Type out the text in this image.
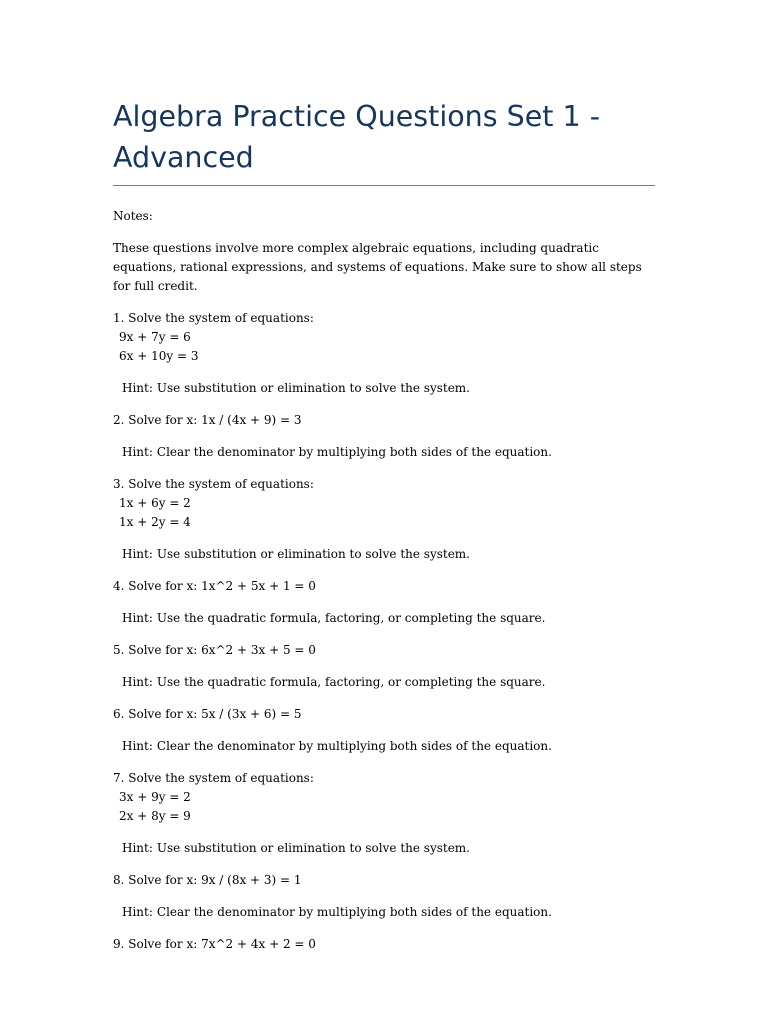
Algebra Practice Questions Set 1 - Advanced

Notes:

These questions involve more complex algebraic equations, including quadratic equations, rational expressions, and systems of equations. Make sure to show all steps for full credit.

1. Solve the system of equations:
9x + 7y = 6
6x + 10y = 3
Hint: Use substitution or elimination to solve the system.
2. Solve for x: 1x / (4x + 9) = 3
Hint: Clear the denominator by multiplying both sides of the equation.
3. Solve the system of equations:
1x + 6y = 2
1x + 2y = 4
Hint: Use substitution or elimination to solve the system.
4. Solve for x: 1x^2 + 5x + 1 = 0
Hint: Use the quadratic formula, factoring, or completing the square.
5. Solve for x: 6x^2 + 3x + 5 = 0
Hint: Use the quadratic formula, factoring, or completing the square.
6. Solve for x: 5x / (3x + 6) = 5
Hint: Clear the denominator by multiplying both sides of the equation.
7. Solve the system of equations:
3x + 9y = 2
2x + 8y = 9
Hint: Use substitution or elimination to solve the system.
8. Solve for x: 9x / (8x + 3) = 1
Hint: Clear the denominator by multiplying both sides of the equation.
9. Solve for x: 7x^2 + 4x + 2 = 0
